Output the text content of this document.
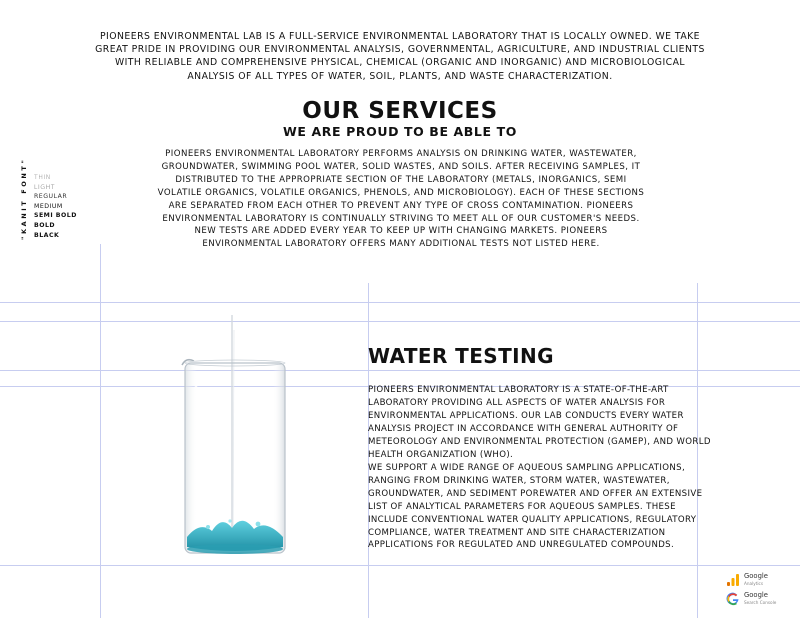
PIONEERS ENVIRONMENTAL LAB IS A FULL-SERVICE ENVIRONMENTAL LABORATORY THAT IS LOCALLY OWNED. WE TAKE GREAT PRIDE IN PROVIDING OUR ENVIRONMENTAL ANALYSIS, GOVERNMENTAL, AGRICULTURE, AND INDUSTRIAL CLIENTS WITH RELIABLE AND COMPREHENSIVE PHYSICAL, CHEMICAL (ORGANIC AND INORGANIC) AND MICROBIOLOGICAL ANALYSIS OF ALL TYPES OF WATER, SOIL, PLANTS, AND WASTE CHARACTERIZATION.

OUR SERVICES
WE ARE PROUD TO BE ABLE TO

PIONEERS ENVIRONMENTAL LABORATORY PERFORMS ANALYSIS ON DRINKING WATER, WASTEWATER, GROUNDWATER, SWIMMING POOL WATER, SOLID WASTES, AND SOILS. AFTER RECEIVING SAMPLES, IT DISTRIBUTED TO THE APPROPRIATE SECTION OF THE LABORATORY (METALS, INORGANICS, SEMI VOLATILE ORGANICS, VOLATILE ORGANICS, PHENOLS, AND MICROBIOLOGY). EACH OF THESE SECTIONS ARE SEPARATED FROM EACH OTHER TO PREVENT ANY TYPE OF CROSS CONTAMINATION. PIONEERS ENVIRONMENTAL LABORATORY IS CONTINUALLY STRIVING TO MEET ALL OF OUR CUSTOMER'S NEEDS. NEW TESTS ARE ADDED EVERY YEAR TO KEEP UP WITH CHANGING MARKETS. PIONEERS ENVIRONMENTAL LABORATORY OFFERS MANY ADDITIONAL TESTS NOT LISTED HERE.

"KANIT FONT" THIN
LIGHT
REGULAR
MEDIUM
SEMI BOLD
BOLD
BLACK
WATER TESTING

PIONEERS ENVIRONMENTAL LABORATORY IS A STATE-OF-THE-ART LABORATORY PROVIDING ALL ASPECTS OF WATER ANALYSIS FOR ENVIRONMENTAL APPLICATIONS. OUR LAB CONDUCTS EVERY WATER ANALYSIS PROJECT IN ACCORDANCE WITH GENERAL AUTHORITY OF METEOROLOGY AND ENVIRONMENTAL PROTECTION (GAMEP), AND WORLD HEALTH ORGANIZATION (WHO).

WE SUPPORT A WIDE RANGE OF AQUEOUS SAMPLING APPLICATIONS, RANGING FROM DRINKING WATER, STORM WATER, WASTEWATER, GROUNDWATER, AND SEDIMENT POREWATER AND OFFER AN EXTENSIVE LIST OF ANALYTICAL PARAMETERS FOR AQUEOUS SAMPLES. THESE INCLUDE CONVENTIONAL WATER QUALITY APPLICATIONS, REGULATORY COMPLIANCE, WATER TREATMENT AND SITE CHARACTERIZATION APPLICATIONS FOR REGULATED AND UNREGULATED COMPOUNDS.

Google
Analytics
Google
Search Console
